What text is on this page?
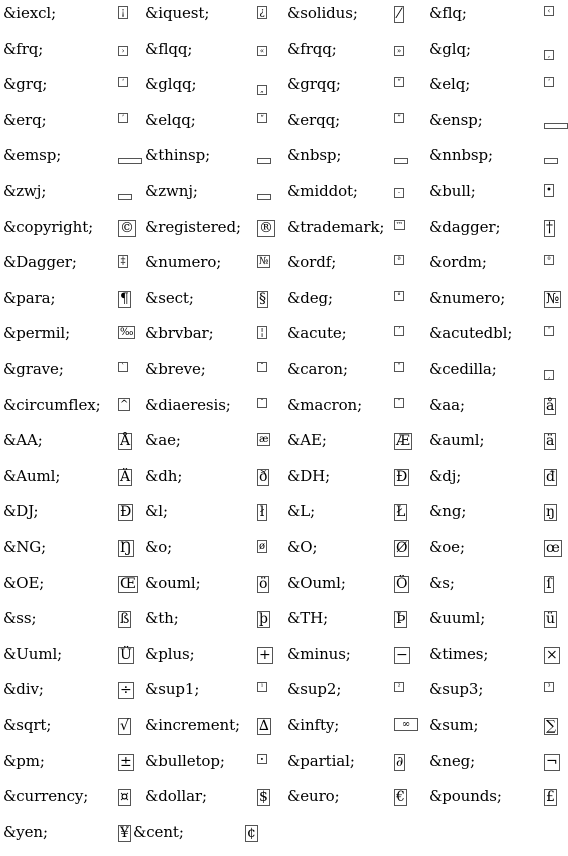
&iexcl;	¡ &iquest;	¿ &solidus;	⁄ &flq;	‹
&frq;	› &flqq;	« &frqq;	» &glq;	‚
&grq;	‘ &glqq;	„ &grqq;	“ &elq;	‘
&erq;	’ &elqq;	“ &erqq;	” &ensp;
&emsp;	&thinsp;	&nbsp;	&nnbsp;
&zwj;	&zwnj;	&middot;	· &bull;	•
&copyright; © &registered; ® &trademark; ™ &dagger;	†
&Dagger;	‡ &numero;	№ &ordf;	ª &ordm;	º
&para;	¶ &sect;	§ &deg;	° &numero;	№
&permil;	‰ &brvbar;	¦ &acute;	´ &acutedbl;	˝
&grave;	` &breve;	˘ &caron;	ˇ &cedilla;	¸
&circumflex; ^ &diaeresis;	¨ &macron;	¯ &aa;	å
&AA;	Å &ae;	æ &AE;	Æ &auml;	ä
&Auml;	Ä &dh;	ð &DH;	Đ &dj;	đ
&DJ;	Đ &l;	ł &L;	Ł &ng;	ŋ
&NG;	Ŋ &o;	ø &O;	Ø &oe;	œ
&OE;	Œ &ouml;	ö &Ouml;	Ö &s;	ſ
&ss;	ß &th;	þ &TH;	Þ &uuml;	ü
&Uuml;	Ü &plus;	+ &minus;	− &times;	×
&div;	÷ &sup1;	¹ &sup2;	² &sup3;	³
&sqrt;	√ &increment; ∆ &infty;	∞	&sum;	∑
&pm;	± &bulletop;	∙ &partial;	∂ &neg;	¬
&currency; ¤ &dollar;	$ &euro;	€ &pounds;	£
&yen;	¥ &cent;	¢
